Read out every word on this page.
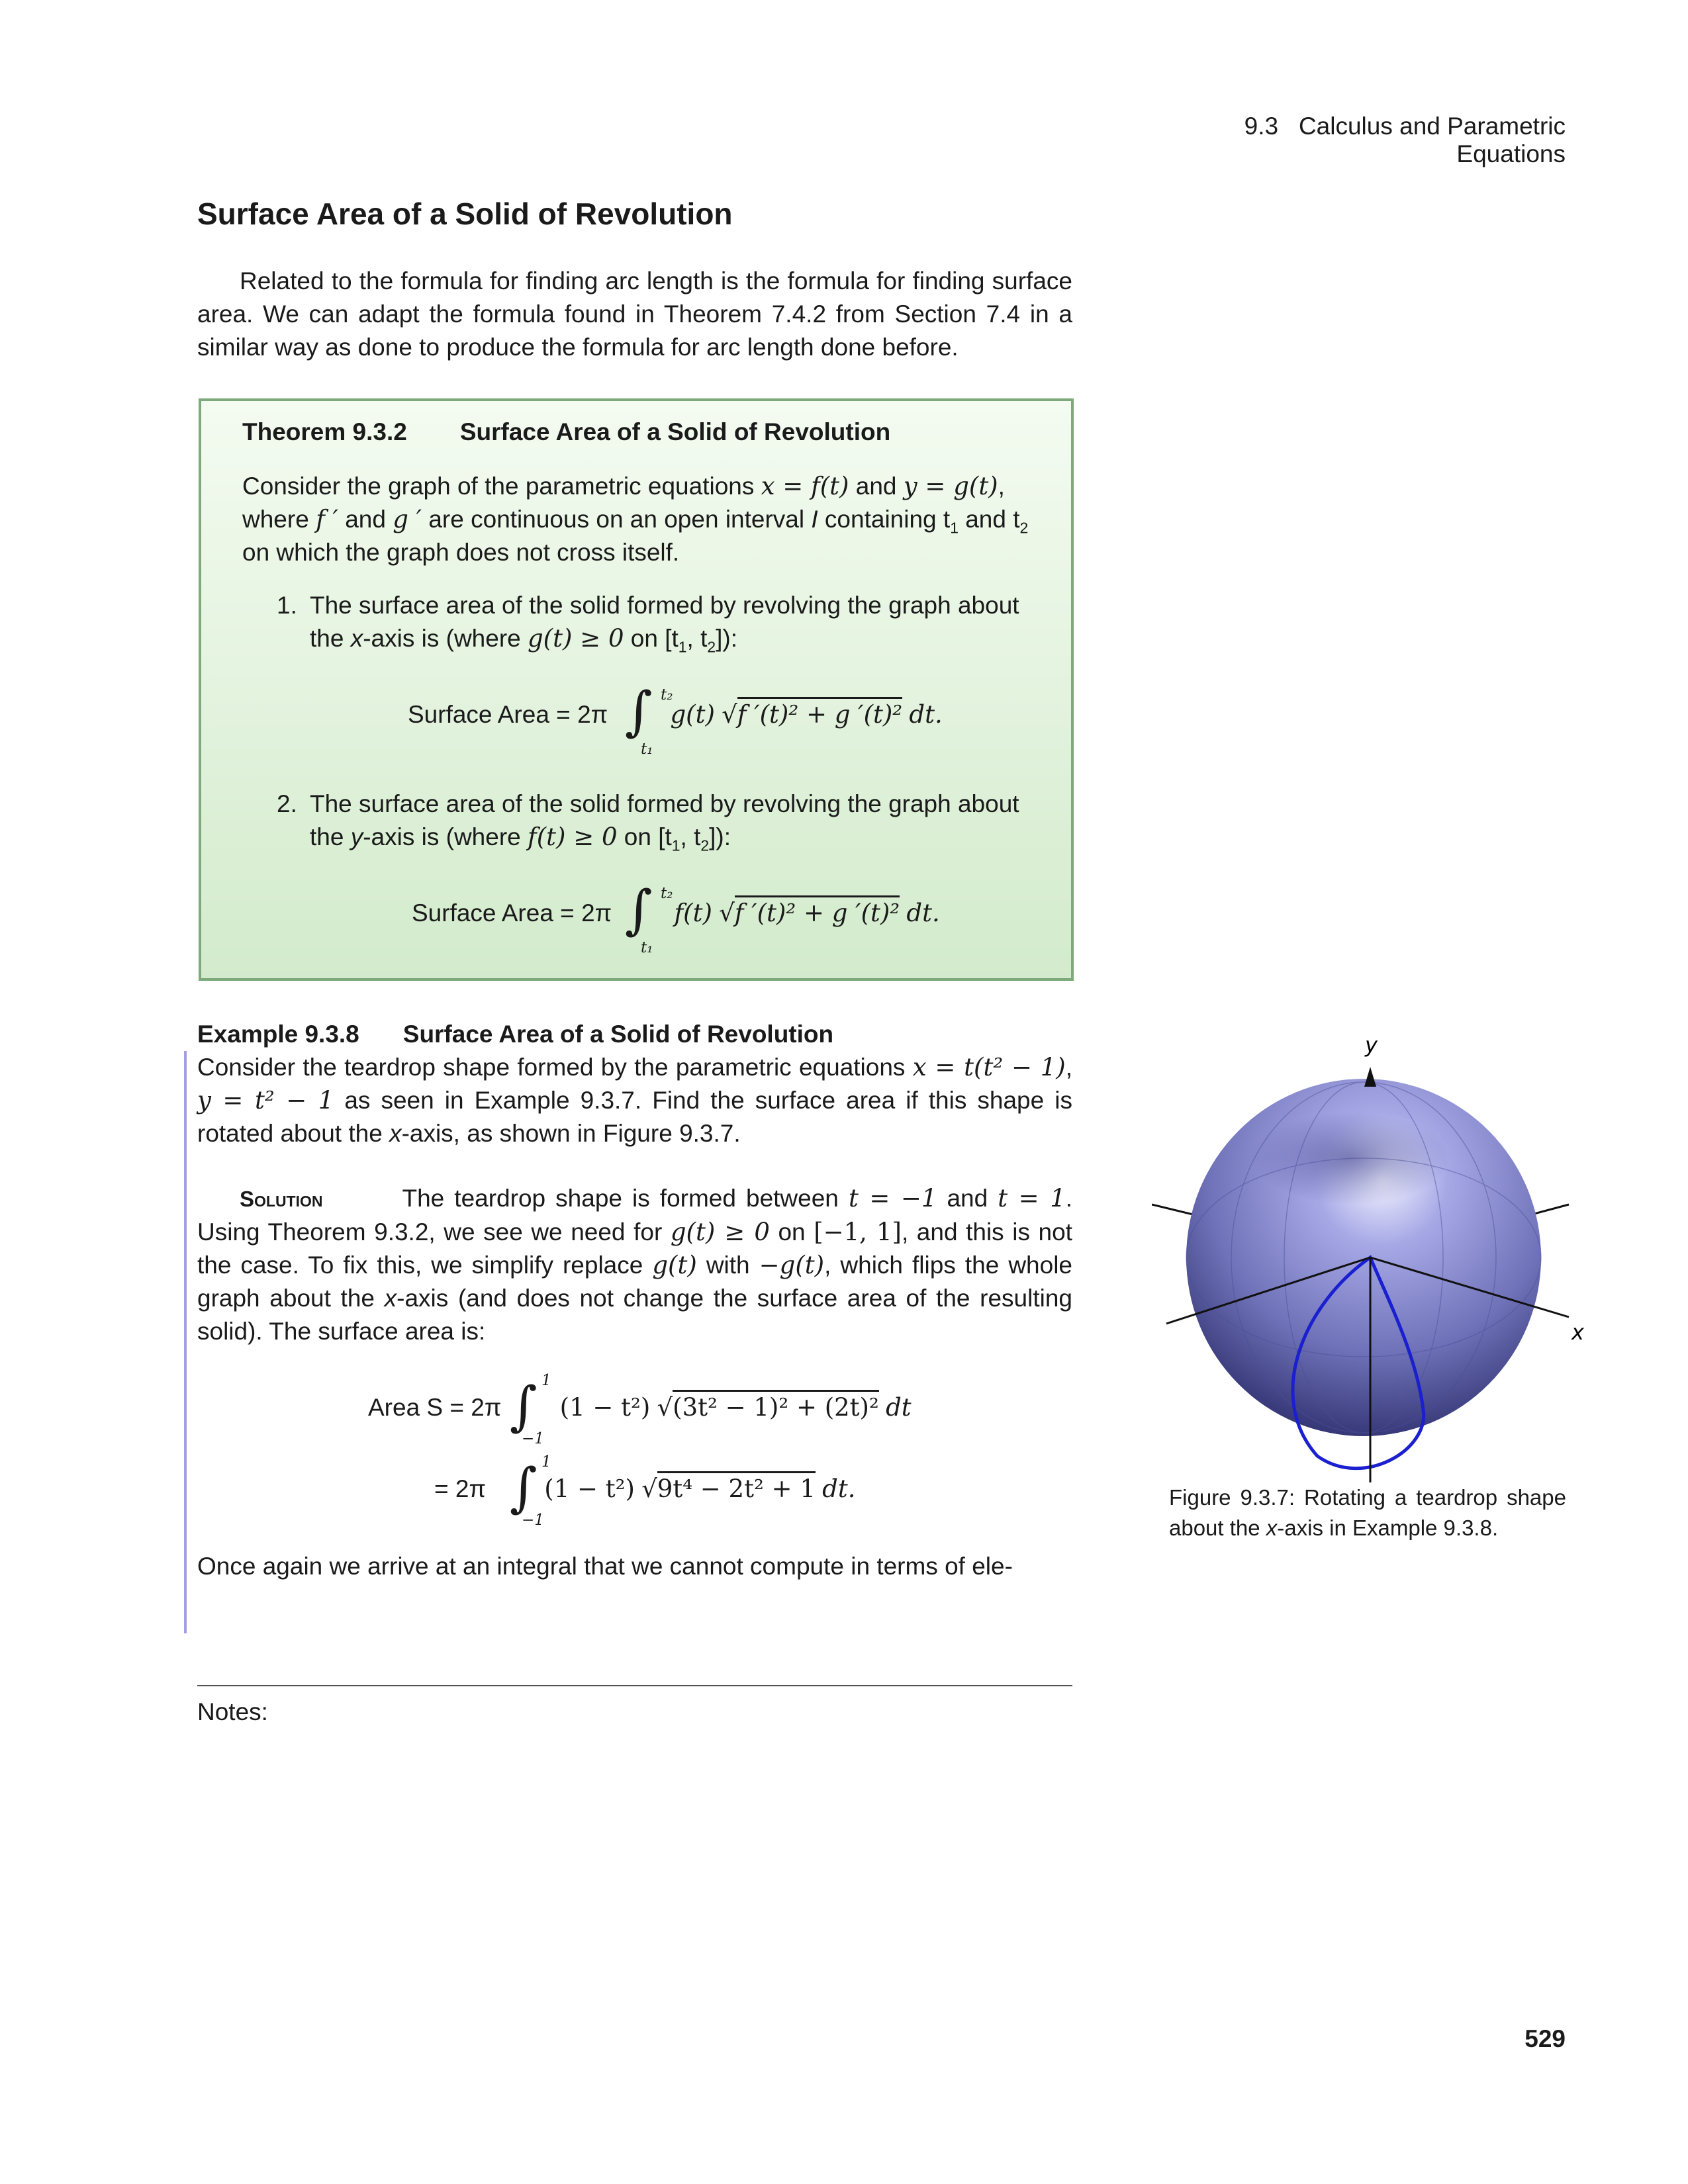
9.3 Calculus and Parametric Equations
Surface Area of a Solid of Revolution

Related to the formula for finding arc length is the formula for finding surface area. We can adapt the formula found in Theorem 7.4.2 from Section 7.4 in a similar way as done to produce the formula for arc length done before.

Theorem 9.3.2 Surface Area of a Solid of Revolution

Consider the graph of the parametric equations x = f(t) and y = g(t), where f ′ and g ′ are continuous on an open interval I containing $t_1$ and $t_2$ on which the graph does not cross itself.

1. The surface area of the solid formed by revolving the graph about the x-axis is (where g(t) ≥ 0 on [$t_1$, $t_2$]):
Surface Area = 2π ∫ t₂
t₁
g(t) √f ′(t)² + g ′(t)² dt.
2. The surface area of the solid formed by revolving the graph about the y-axis is (where f(t) ≥ 0 on [$t_1$, $t_2$]):
Surface Area = 2π ∫ t₂
t₁
f(t) √f ′(t)² + g ′(t)² dt.
Example 9.3.8 Surface Area of a Solid of Revolution

Consider the teardrop shape formed by the parametric equations x = t(t² − 1), y = t² − 1 as seen in Example 9.3.7. Find the surface area if this shape is rotated about the x-axis, as shown in Figure 9.3.7.

Solution	The teardrop shape is formed between t = −1 and t = 1. Using Theorem 9.3.2, we see we need for g(t) ≥ 0 on [−1, 1], and this is not the case. To fix this, we simplify replace g(t) with −g(t), which flips the whole graph about the x-axis (and does not change the surface area of the resulting solid). The surface area is:

Area S = 2π ∫ 1
−1
(1 − t²) √(3t² − 1)² + (2t)² dt
= 2π ∫ 1
−1
(1 − t²) √9t⁴ − 2t² + 1 dt.
Once again we arrive at an integral that we cannot compute in terms of ele-
y
x
Figure 9.3.7: Rotating a teardrop shape about the x-axis in Example 9.3.8.
Notes:
529
